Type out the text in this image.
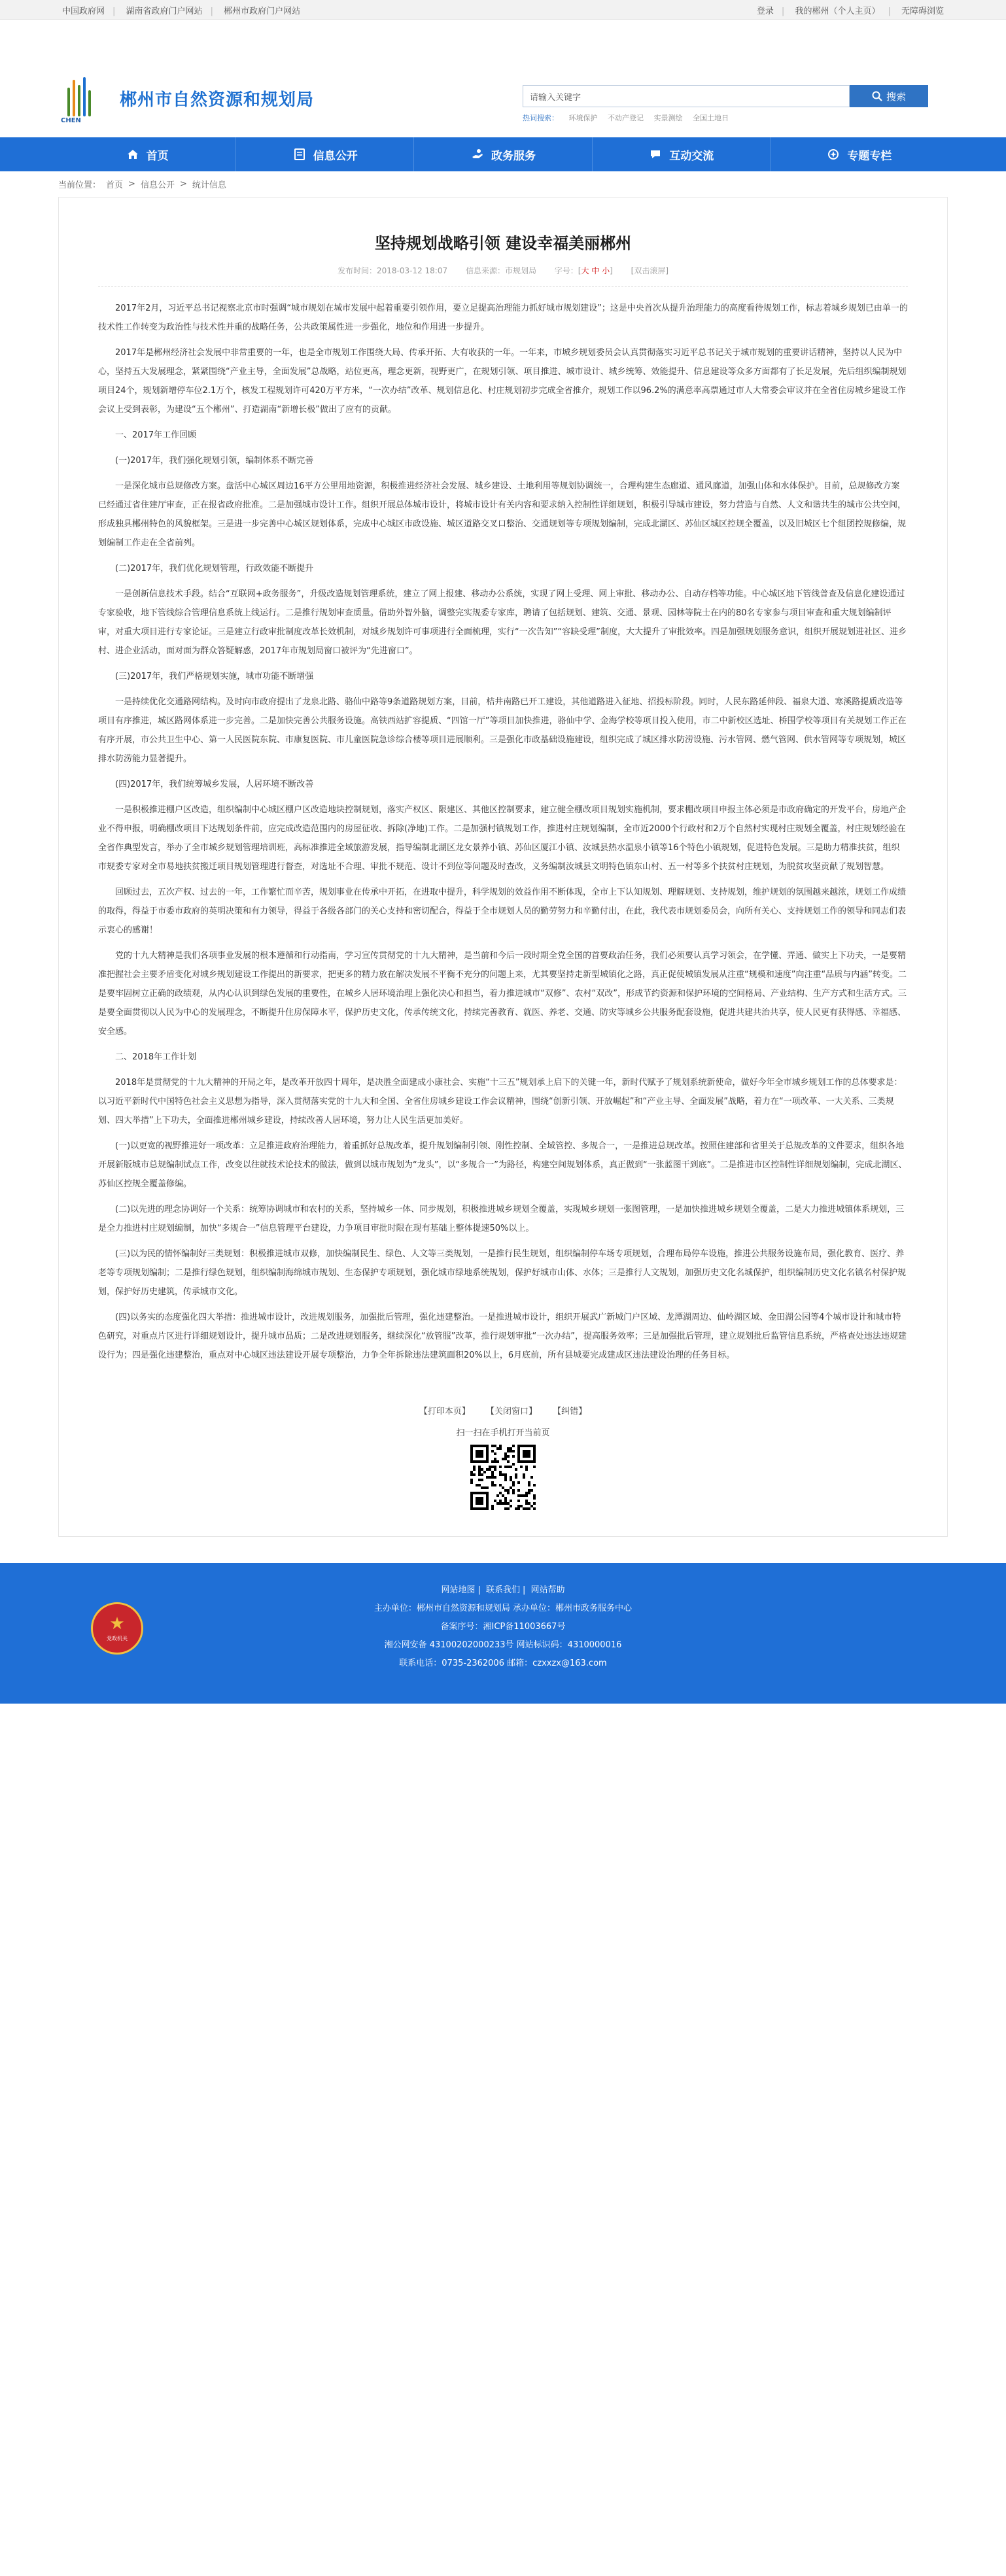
中国政府网 | 湖南省政府门户网站 | 郴州市政府门户网站	登录 | 我的郴州（个人主页） | 无障碍浏览
CHEN
郴州市自然资源和规划局
请输入关键字	搜索
热词搜索： 环境保护 不动产登记 实景测绘 全国土地日
首页	信息公开	政务服务	互动交流	专题专栏
当前位置： 首页 > 信息公开 > 统计信息
坚持规划战略引领 建设幸福美丽郴州
发布时间：2018-03-12 18:07 信息来源：市规划局 字号：[大 中 小] [双击滚屏]

2017年2月，习近平总书记视察北京市时强调“城市规划在城市发展中起着重要引领作用，要立足提高治理能力抓好城市规划建设”；这是中央首次从提升治理能力的高度看待规划工作，标志着城乡规划已由单一的技术性工作转变为政治性与技术性并重的战略任务，公共政策属性进一步强化，地位和作用进一步提升。

2017年是郴州经济社会发展中非常重要的一年，也是全市规划工作围绕大局、传承开拓、大有收获的一年。一年来，市城乡规划委员会认真贯彻落实习近平总书记关于城市规划的重要讲话精神，坚持以人民为中心，坚持五大发展理念，紧紧围绕“产业主导，全面发展”总战略，站位更高，理念更新，视野更广，在规划引领、项目推进、城市设计、城乡统筹、效能提升、信息建设等众多方面都有了长足发展，先后组织编制规划项目24个，规划新增停车位2.1万个，核发工程规划许可420万平方米，“一次办结”改革、规划信息化、村庄规划初步完成全省推介，规划工作以96.2%的满意率高票通过市人大常委会审议并在全省住房城乡建设工作会议上受到表彰，为建设“五个郴州”、打造湖南“新增长极”做出了应有的贡献。

一、2017年工作回顾

(一)2017年，我们强化规划引领，编制体系不断完善

一是深化城市总规修改方案。盘活中心城区周边16平方公里用地资源，积极推进经济社会发展、城乡建设、土地利用等规划协调统一，合理构建生态廊道、通风廊道，加强山体和水体保护。目前，总规修改方案已经通过省住建厅审查，正在报省政府批准。二是加强城市设计工作。组织开展总体城市设计，将城市设计有关内容和要求纳入控制性详细规划，积极引导城市建设，努力营造与自然、人文和谐共生的城市公共空间，形成独具郴州特色的风貌框架。三是进一步完善中心城区规划体系，完成中心城区市政设施、城区道路交叉口整治、交通规划等专项规划编制，完成北湖区、苏仙区城区控规全覆盖，以及旧城区七个组团控规修编，规划编制工作走在全省前列。

(二)2017年，我们优化规划管理，行政效能不断提升

一是创新信息技术手段。结合“互联网+政务服务”，升级改造规划管理系统，建立了网上报建、移动办公系统，实现了网上受理、网上审批、移动办公、自动存档等功能。中心城区地下管线普查及信息化建设通过专家验收，地下管线综合管理信息系统上线运行。二是推行规划审查质量。借助外智外脑，调整完实规委专家库，聘请了包括规划、建筑、交通、景观、园林等院士在内的80名专家参与项目审查和重大规划编制评审，对重大项目进行专家论证。三是建立行政审批制度改革长效机制，对城乡规划许可事项进行全面梳理，实行“一次告知”“容缺受理”制度，大大提升了审批效率。四是加强规划服务意识，组织开展规划进社区、进乡村、进企业活动，面对面为群众答疑解惑，2017年市规划局窗口被评为“先进窗口”。

(三)2017年，我们严格规划实施，城市功能不断增强

一是持续优化交通路网结构。及时向市政府提出了龙泉北路、骆仙中路等9条道路规划方案，目前，桔井南路已开工建设，其他道路进入征地、招投标阶段。同时，人民东路延伸段、福泉大道、寒溪路提质改造等项目有序推进，城区路网体系进一步完善。二是加快完善公共服务设施。高铁西站扩容提质、“四馆一厅”等项目加快推进，骆仙中学、金海学校等项目投入使用，市二中新校区选址、桥围学校等项目有关规划工作正在有序开展，市公共卫生中心、第一人民医院东院、市康复医院、市儿童医院急诊综合楼等项目进展顺利。三是强化市政基础设施建设，组织完成了城区排水防涝设施、污水管网、燃气管网、供水管网等专项规划，城区排水防涝能力显著提升。

(四)2017年，我们统筹城乡发展，人居环境不断改善

一是积极推进棚户区改造，组织编制中心城区棚户区改造地块控制规划，落实产权区、限建区、其他区控制要求，建立健全棚改项目规划实施机制，要求棚改项目申报主体必须是市政府确定的开发平台，房地产企业不得申报，明确棚改项目下达规划条件前，应完成改造范围内的房屋征收、拆除(净地)工作。二是加强村镇规划工作，推进村庄规划编制，全市近2000个行政村和2万个自然村实现村庄规划全覆盖，村庄规划经验在全省作典型发言，举办了全市城乡规划管理培训班，高标准推进全域旅游发展，指导编制北湖区龙女景养小镇、苏仙区厦江小镇、汝城县热水温泉小镇等16个特色小镇规划，促进特色发展。三是助力精准扶贫，组织市规委专家对全市易地扶贫搬迁项目规划管理进行督查，对选址不合理、审批不规范、设计不到位等问题及时查改，义务编制汝城县文明特色镇东山村、五一村等多个扶贫村庄规划，为脱贫攻坚贡献了规划智慧。

回顾过去，五次产权、过去的一年，工作繁忙而辛苦，规划事业在传承中开拓，在进取中提升，科学规划的效益作用不断体现，全市上下认知规划、理解规划、支持规划，维护规划的氛围越来越浓，规划工作成绩的取得，得益于市委市政府的英明决策和有力领导，得益于各级各部门的关心支持和密切配合，得益于全市规划人员的勤劳努力和辛勤付出，在此，我代表市规划委员会，向所有关心、支持规划工作的领导和同志们表示衷心的感谢！

党的十九大精神是我们各项事业发展的根本遵循和行动指南，学习宣传贯彻党的十九大精神，是当前和今后一段时期全党全国的首要政治任务，我们必须要认真学习领会，在学懂、弄通、做实上下功夫，一是要精准把握社会主要矛盾变化对城乡规划建设工作提出的新要求，把更多的精力放在解决发展不平衡不充分的问题上来，尤其要坚持走新型城镇化之路，真正促使城镇发展从注重“规模和速度”向注重“品质与内涵”转变。二是要牢固树立正确的政绩观，从内心认识到绿色发展的重要性，在城乡人居环境治理上强化决心和担当，着力推进城市“双修”、农村“双改”，形成节约资源和保护环境的空间格局、产业结构、生产方式和生活方式。三是要全面贯彻以人民为中心的发展理念，不断提升住房保障水平，保护历史文化，传承传统文化，持续完善教育、就医、养老、交通、防灾等城乡公共服务配套设施，促进共建共治共享，使人民更有获得感、幸福感、安全感。

二、2018年工作计划

2018年是贯彻党的十九大精神的开局之年，是改革开放四十周年，是决胜全面建成小康社会、实施“十三五”规划承上启下的关键一年，新时代赋予了规划系统新使命，做好今年全市城乡规划工作的总体要求是：以习近平新时代中国特色社会主义思想为指导，深入贯彻落实党的十九大和全国、全省住房城乡建设工作会议精神，围绕“创新引领、开放崛起”和“产业主导、全面发展”战略，着力在“一项改革、一大关系、三类规划、四大举措”上下功夫，全面推进郴州城乡建设，持续改善人居环境，努力让人民生活更加美好。

(一)以更宽的视野推进好一项改革：立足推进政府治理能力，着重抓好总规改革，提升规划编制引领、刚性控制、全域管控、多规合一，一是推进总规改革。按照住建部和省里关于总规改革的文件要求，组织各地开展新版城市总规编制试点工作，改变以往就技术论技术的做法，做到以城市规划为“龙头”，以“多规合一”为路径，构建空间规划体系，真正做到“一张蓝图干到底”。二是推进市区控制性详细规划编制，完成北湖区、苏仙区控规全覆盖修编。

(二)以先进的理念协调好一个关系：统筹协调城市和农村的关系，坚持城乡一体、同步规划，积极推进城乡规划全覆盖，实现城乡规划一张图管理，一是加快推进城乡规划全覆盖，二是大力推进城镇体系规划，三是全力推进村庄规划编制，加快“多规合一”信息管理平台建设，力争项目审批时限在现有基础上整体提速50%以上。

(三)以为民的情怀编制好三类规划：积极推进城市双修，加快编制民生、绿色、人文等三类规划，一是推行民生规划，组织编制停车场专项规划，合理布局停车设施，推进公共服务设施布局，强化教育、医疗、养老等专项规划编制；二是推行绿色规划，组织编制海绵城市规划、生态保护专项规划，强化城市绿地系统规划，保护好城市山体、水体；三是推行人文规划，加强历史文化名城保护，组织编制历史文化名镇名村保护规划，保护好历史建筑，传承城市文化。

(四)以务实的态度强化四大举措：推进城市设计，改进规划服务，加强批后管理，强化违建整治。一是推进城市设计，组织开展武广新城门户区域、龙潭湖周边、仙岭湖区域、金田湖公园等4个城市设计和城市特色研究，对重点片区进行详细规划设计，提升城市品质；二是改进规划服务，继续深化“放管服”改革，推行规划审批“一次办结”，提高服务效率；三是加强批后管理，建立规划批后监管信息系统，严格查处违法违规建设行为；四是强化违建整治，重点对中心城区违法建设开展专项整治，力争全年拆除违法建筑面积20%以上，6月底前，所有县城要完成建成区违法建设治理的任务目标。

【打印本页】 【关闭窗口】 【纠错】
扫一扫在手机打开当前页
★
党政机关
网站地图 | 联系我们 | 网站帮助
主办单位：郴州市自然资源和规划局 承办单位：郴州市政务服务中心
备案序号：湘ICP备11003667号
湘公网安备 43100202000233号 网站标识码：4310000016
联系电话：0735-2362006 邮箱：czxxzx@163.com
